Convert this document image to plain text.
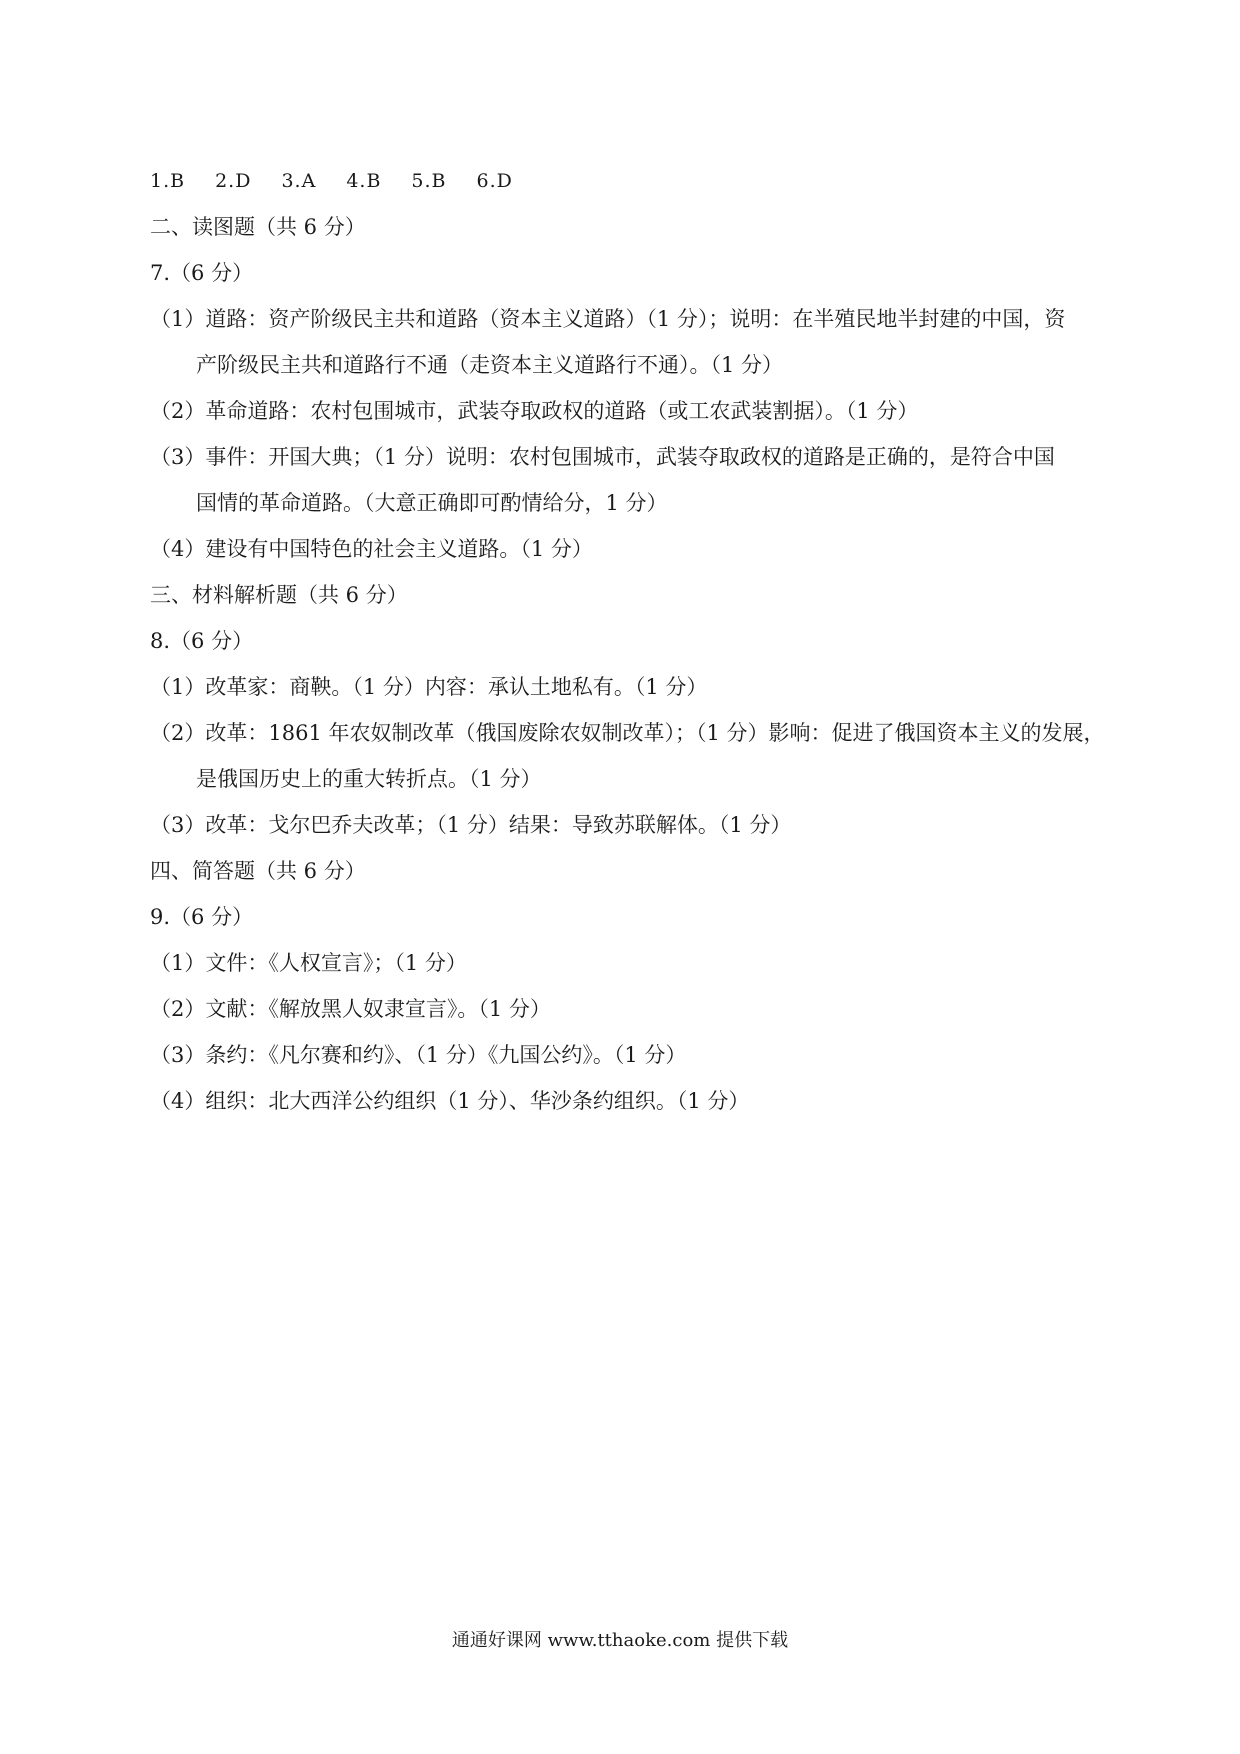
1.B 2.D 3.A 4.B 5.B 6.D
二、读图题（共 6 分）
7.（6 分）
（1）道路：资产阶级民主共和道路（资本主义道路）（1 分）；说明：在半殖民地半封建的中国，资
产阶级民主共和道路行不通（走资本主义道路行不通）。（1 分）
（2）革命道路：农村包围城市，武装夺取政权的道路（或工农武装割据）。（1 分）
（3）事件：开国大典；（1 分）说明：农村包围城市，武装夺取政权的道路是正确的，是符合中国
国情的革命道路。（大意正确即可酌情给分，1 分）
（4）建设有中国特色的社会主义道路。（1 分）
三、材料解析题（共 6 分）
8.（6 分）
（1）改革家：商鞅。（1 分）内容：承认土地私有。（1 分）
（2）改革：1861 年农奴制改革（俄国废除农奴制改革）；（1 分）影响：促进了俄国资本主义的发展，
是俄国历史上的重大转折点。（1 分）
（3）改革：戈尔巴乔夫改革；（1 分）结果：导致苏联解体。（1 分）
四、简答题（共 6 分）
9.（6 分）
（1）文件：《人权宣言》；（1 分）
（2）文献：《解放黑人奴隶宣言》。（1 分）
（3）条约：《凡尔赛和约》、（1 分）《九国公约》。（1 分）
（4）组织：北大西洋公约组织（1 分）、华沙条约组织。（1 分）
通通好课网 www.tthaoke.com 提供下载
